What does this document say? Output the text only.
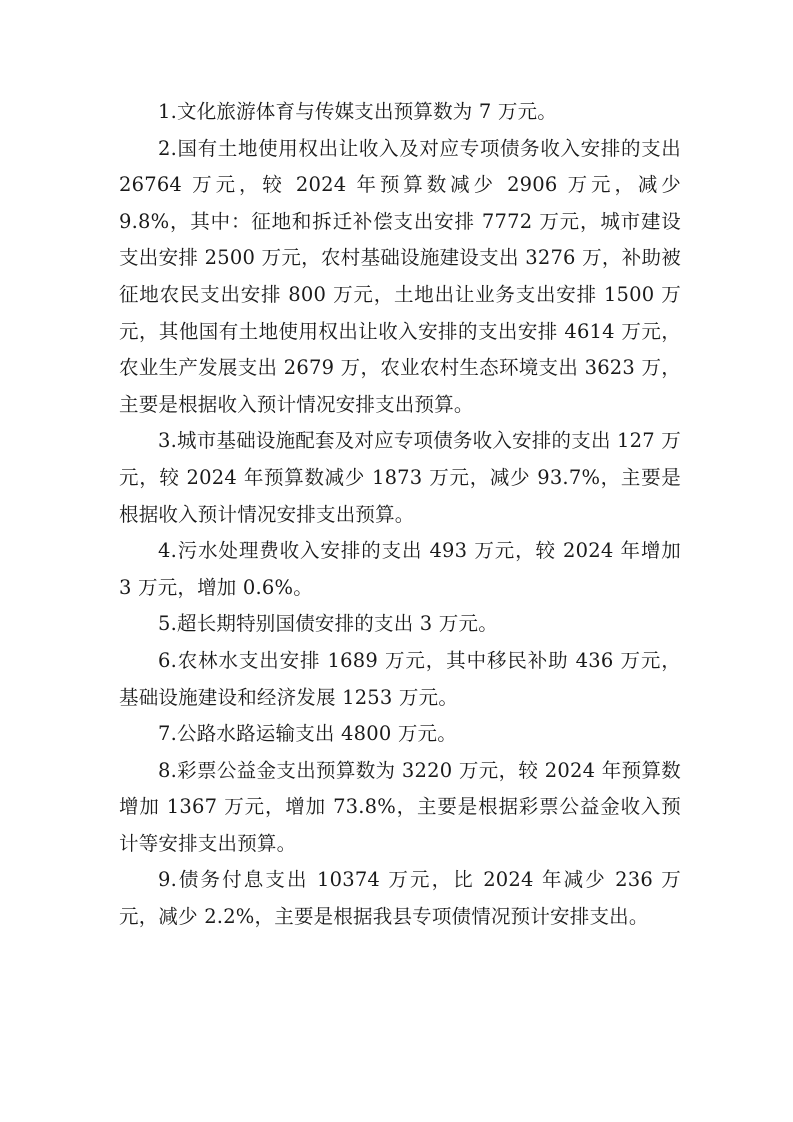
1.文化旅游体育与传媒支出预算数为 7 万元。

2.国有土地使用权出让收入及对应专项债务收入安排的支出 26764 万元，较 2024 年预算数减少 2906 万元，减少 9.8%，其中：征地和拆迁补偿支出安排 7772 万元，城市建设支出安排 2500 万元，农村基础设施建设支出 3276 万，补助被征地农民支出安排 800 万元，土地出让业务支出安排 1500 万元，其他国有土地使用权出让收入安排的支出安排 4614 万元，农业生产发展支出 2679 万，农业农村生态环境支出 3623 万，主要是根据收入预计情况安排支出预算。

3.城市基础设施配套及对应专项债务收入安排的支出 127 万元，较 2024 年预算数减少 1873 万元，减少 93.7%，主要是根据收入预计情况安排支出预算。

4.污水处理费收入安排的支出 493 万元，较 2024 年增加 3 万元，增加 0.6%。

5.超长期特别国债安排的支出 3 万元。

6.农林水支出安排 1689 万元，其中移民补助 436 万元，基础设施建设和经济发展 1253 万元。

7.公路水路运输支出 4800 万元。

8.彩票公益金支出预算数为 3220 万元，较 2024 年预算数增加 1367 万元，增加 73.8%，主要是根据彩票公益金收入预计等安排支出预算。

9.债务付息支出 10374 万元，比 2024 年减少 236 万元，减少 2.2%，主要是根据我县专项债情况预计安排支出。
